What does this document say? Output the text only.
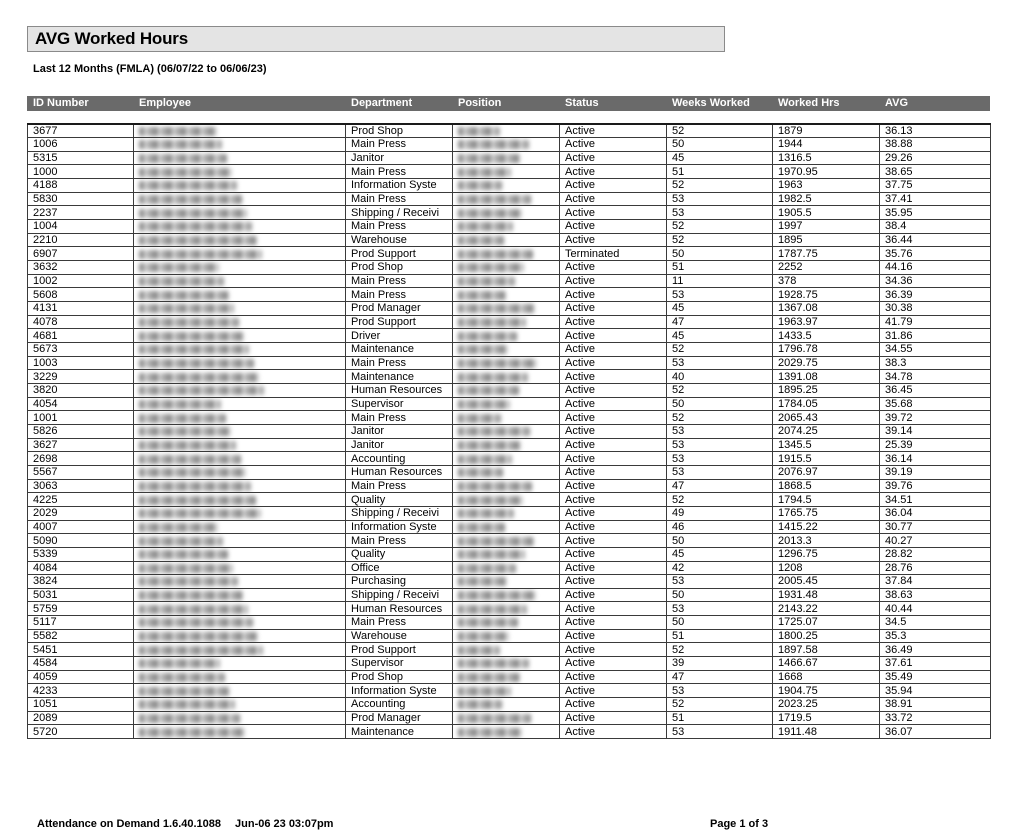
AVG Worked Hours
Last 12 Months (FMLA) (06/07/22 to 06/06/23)
ID Number	Employee	Department	Position	Status	Weeks Worked	Worked Hrs	AVG
3677		Prod Shop		Active	52	1879	36.13
1006		Main Press		Active	50	1944	38.88
5315		Janitor		Active	45	1316.5	29.26
1000		Main Press		Active	51	1970.95	38.65
4188		Information Syste		Active	52	1963	37.75
5830		Main Press		Active	53	1982.5	37.41
2237		Shipping / Receivi		Active	53	1905.5	35.95
1004		Main Press		Active	52	1997	38.4
2210		Warehouse		Active	52	1895	36.44
6907		Prod Support		Terminated	50	1787.75	35.76
3632		Prod Shop		Active	51	2252	44.16
1002		Main Press		Active	11	378	34.36
5608		Main Press		Active	53	1928.75	36.39
4131		Prod Manager		Active	45	1367.08	30.38
4078		Prod Support		Active	47	1963.97	41.79
4681		Driver		Active	45	1433.5	31.86
5673		Maintenance		Active	52	1796.78	34.55
1003		Main Press		Active	53	2029.75	38.3
3229		Maintenance		Active	40	1391.08	34.78
3820		Human Resources		Active	52	1895.25	36.45
4054		Supervisor		Active	50	1784.05	35.68
1001		Main Press		Active	52	2065.43	39.72
5826		Janitor		Active	53	2074.25	39.14
3627		Janitor		Active	53	1345.5	25.39
2698		Accounting		Active	53	1915.5	36.14
5567		Human Resources		Active	53	2076.97	39.19
3063		Main Press		Active	47	1868.5	39.76
4225		Quality		Active	52	1794.5	34.51
2029		Shipping / Receivi		Active	49	1765.75	36.04
4007		Information Syste		Active	46	1415.22	30.77
5090		Main Press		Active	50	2013.3	40.27
5339		Quality		Active	45	1296.75	28.82
4084		Office		Active	42	1208	28.76
3824		Purchasing		Active	53	2005.45	37.84
5031		Shipping / Receivi		Active	50	1931.48	38.63
5759		Human Resources		Active	53	2143.22	40.44
5117		Main Press		Active	50	1725.07	34.5
5582		Warehouse		Active	51	1800.25	35.3
5451		Prod Support		Active	52	1897.58	36.49
4584		Supervisor		Active	39	1466.67	37.61
4059		Prod Shop		Active	47	1668	35.49
4233		Information Syste		Active	53	1904.75	35.94
1051		Accounting		Active	52	2023.25	38.91
2089		Prod Manager		Active	51	1719.5	33.72
5720		Maintenance		Active	53	1911.48	36.07
Attendance on Demand 1.6.40.1088 Jun-06 23 03:07pm	Page 1 of 3
